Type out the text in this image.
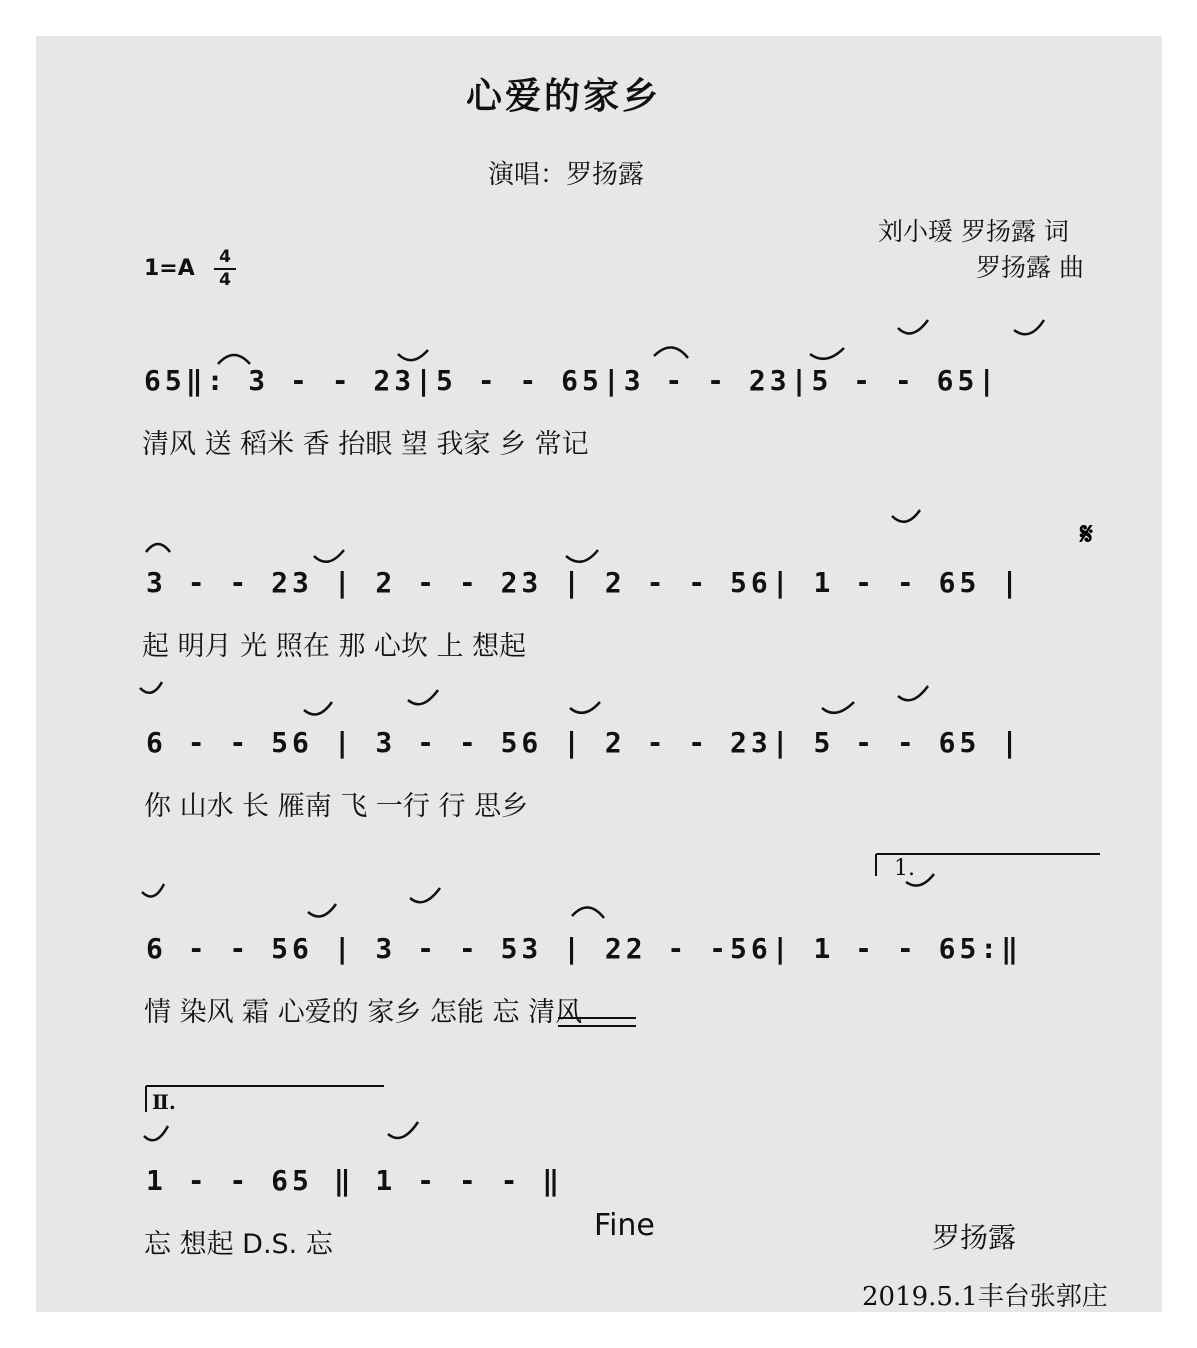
心爱的家乡
演唱：罗扬露
刘小瑗 罗扬露 词
罗扬露 曲
1=A 4
4
65‖: 3 - - 23|5 - - 65|3 - - 23|5 - - 65|
清风 送 稻米 香 抬眼 望 我家 乡 常记
3 - - 23 | 2 - - 23 | 2 - - 56| 1 - - 65 |
起 明月 光 照在 那 心坎 上 想起
𝄋
6 - - 56 | 3 - - 56 | 2 - - 23| 5 - - 65 |
你 山水 长 雁南 飞 一行 行 思乡
6 - - 56 | 3 - - 53 | 22 - -56| 1 - - 65:‖
情 染风 霜 心爱的 家乡 怎能 忘 清风
1.
1 - - 65 ‖ 1 - - - ‖
忘 想起 D.S. 忘
Ⅱ.
Fine	罗扬露
2019.5.1丰台张郭庄
